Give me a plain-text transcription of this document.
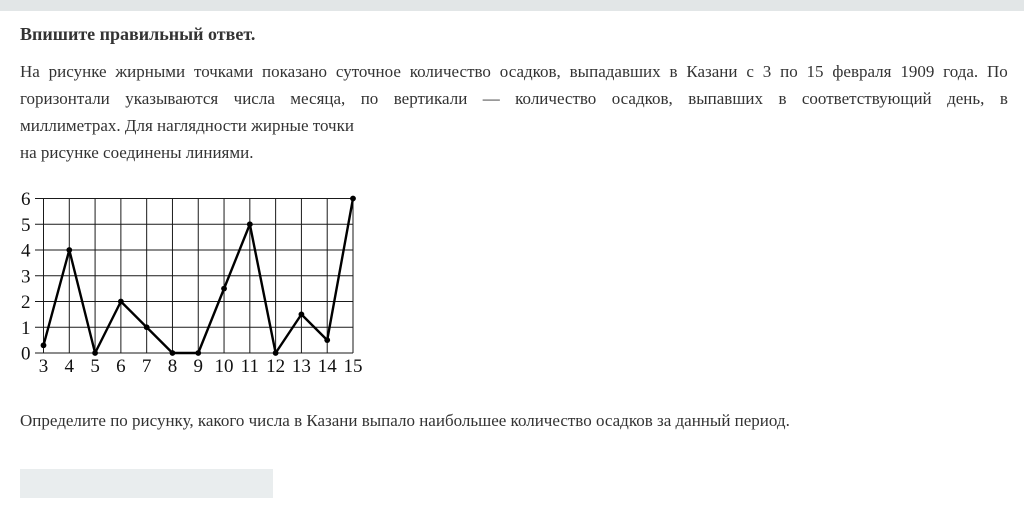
Впишите правильный ответ.
На рисунке жирными точками показано суточное количество осадков, выпадавших в Казани с 3 по 15 февраля 1909 года. По
горизонтали указываются числа месяца, по вертикали — количество осадков, выпавших в соответствующий день, в
миллиметрах. Для наглядности жирные точки
на рисунке соединены линиями.
0
1
2
3
4
5
6
3 4 5 6 7 8 9 10 11 12 13 14 15
Определите по рисунку, какого числа в Казани выпало наибольшее количество осадков за данный период.
